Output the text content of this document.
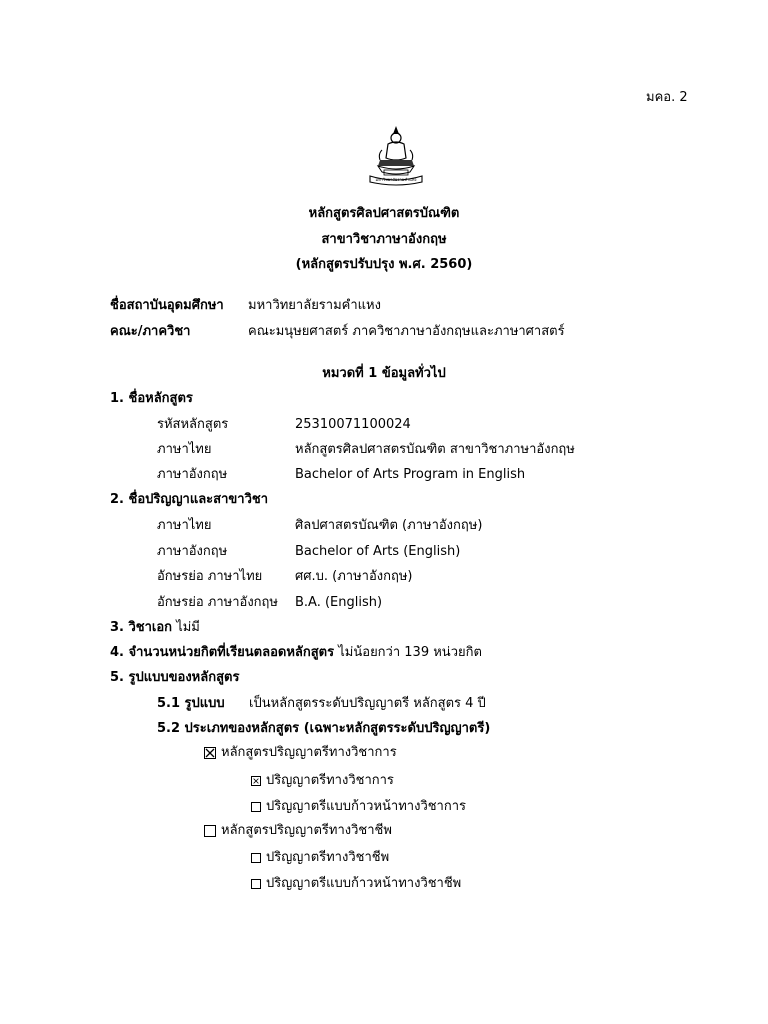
มคอ. 2
มหาวิทยาลัยรามคำแหง
หลักสูตรศิลปศาสตรบัณฑิต
สาขาวิชาภาษาอังกฤษ
(หลักสูตรปรับปรุง พ.ศ. 2560)
ชื่อสถาบันอุดมศึกษา มหาวิทยาลัยรามคำแหง
คณะ/ภาควิชา	คณะมนุษยศาสตร์ ภาควิชาภาษาอังกฤษและภาษาศาสตร์
หมวดที่ 1 ข้อมูลทั่วไป
1. ชื่อหลักสูตร
รหัสหลักสูตร	25310071100024
ภาษาไทย	หลักสูตรศิลปศาสตรบัณฑิต สาขาวิชาภาษาอังกฤษ
ภาษาอังกฤษ	Bachelor of Arts Program in English
2. ชื่อปริญญาและสาขาวิชา
ภาษาไทย	ศิลปศาสตรบัณฑิต (ภาษาอังกฤษ)
ภาษาอังกฤษ	Bachelor of Arts (English)
อักษรย่อ ภาษาไทย	ศศ.บ. (ภาษาอังกฤษ)
อักษรย่อ ภาษาอังกฤษ B.A. (English)
3. วิชาเอก ไม่มี
4. จำนวนหน่วยกิตที่เรียนตลอดหลักสูตร ไม่น้อยกว่า 139 หน่วยกิต
5. รูปแบบของหลักสูตร
5.1 รูปแบบ เป็นหลักสูตรระดับปริญญาตรี หลักสูตร 4 ปี
5.2 ประเภทของหลักสูตร (เฉพาะหลักสูตรระดับปริญญาตรี)
หลักสูตรปริญญาตรีทางวิชาการ
ปริญญาตรีทางวิชาการ
ปริญญาตรีแบบก้าวหน้าทางวิชาการ
หลักสูตรปริญญาตรีทางวิชาชีพ
ปริญญาตรีทางวิชาชีพ
ปริญญาตรีแบบก้าวหน้าทางวิชาชีพ
